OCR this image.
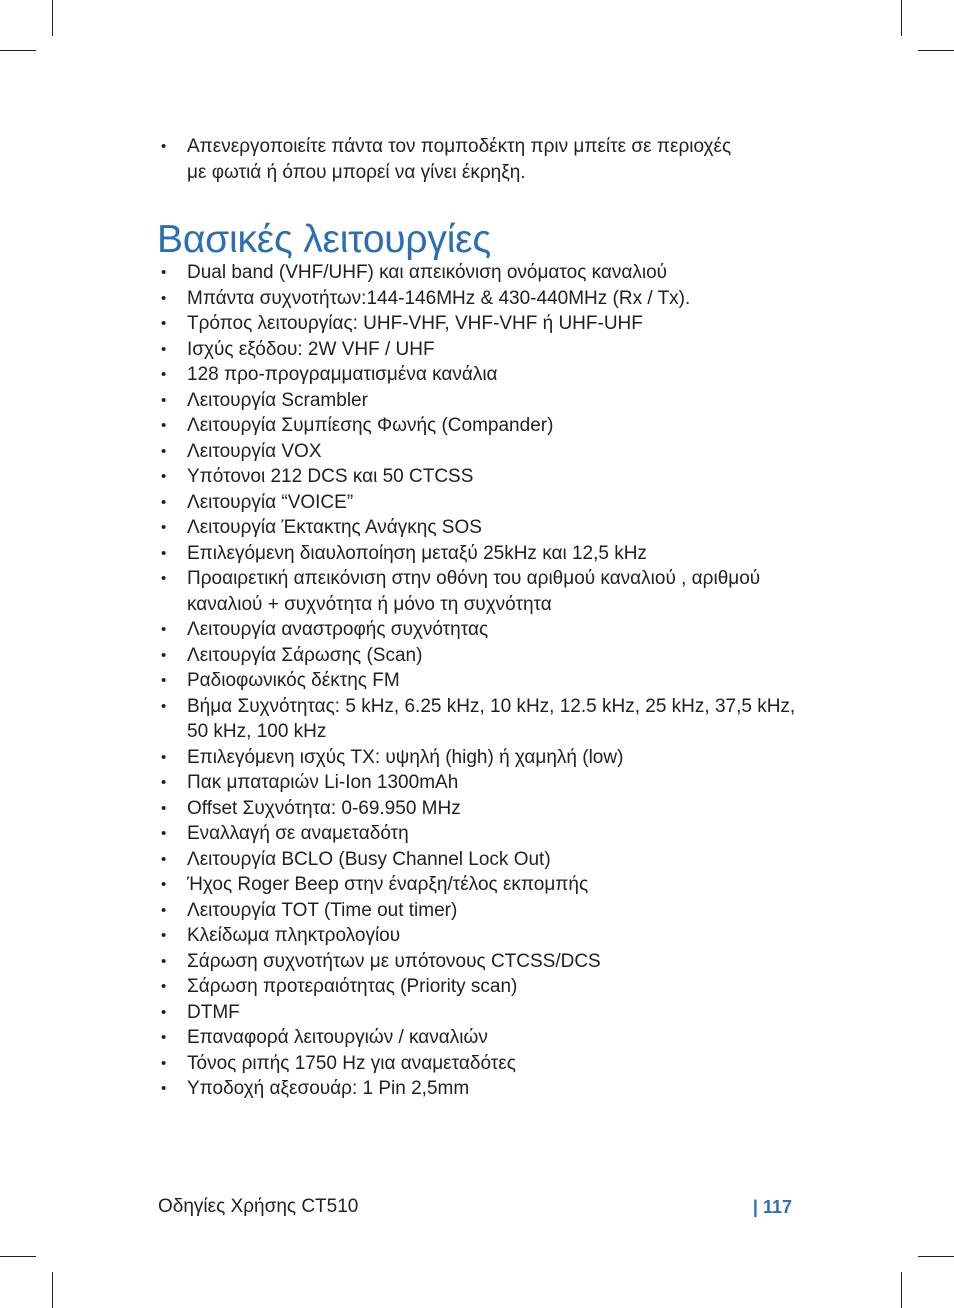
• Απενεργοποιείτε πάντα τον πομποδέκτη πριν μπείτε σε περιοχές
με φωτιά ή όπου μπορεί να γίνει έκρηξη.
Βασικές λειτουργίες
• Dual band (VHF/UHF) και απεικόνιση ονόματος καναλιού
• Μπάντα συχνοτήτων:144-146MHz & 430-440MHz (Rx / Tx).
• Τρόπος λειτουργίας: UHF-VHF, VHF-VHF ή UHF-UHF
• Ισχύς εξόδου: 2W VHF / UHF
• 128 προ-προγραμματισμένα κανάλια
• Λειτουργία Scrambler
• Λειτουργία Συμπίεσης Φωνής (Compander)
• Λειτουργία VOX
• Υπότονοι 212 DCS και 50 CTCSS
• Λειτουργία “VOICE”
• Λειτουργία Έκτακτης Ανάγκης SOS
• Επιλεγόμενη διαυλοποίηση μεταξύ 25kHz και 12,5 kHz
• Προαιρετική απεικόνιση στην οθόνη του αριθμού καναλιού , αριθμού
καναλιού + συχνότητα ή μόνο τη συχνότητα
• Λειτουργία αναστροφής συχνότητας
• Λειτουργία Σάρωσης (Scan)
• Ραδιοφωνικός δέκτης FM
• Βήμα Συχνότητας: 5 kHz, 6.25 kHz, 10 kHz, 12.5 kHz, 25 kHz, 37,5 kHz,
50 kHz, 100 kHz
• Επιλεγόμενη ισχύς TX: υψηλή (high) ή χαμηλή (low)
• Πακ μπαταριών Li-Ion 1300mAh
• Offset Συχνότητα: 0-69.950 MHz
• Εναλλαγή σε αναμεταδότη
• Λειτουργία BCLO (Busy Channel Lock Out)
• Ήχος Roger Beep στην έναρξη/τέλος εκπομπής
• Λειτουργία TOT (Time out timer)
• Κλείδωμα πληκτρολογίου
• Σάρωση συχνοτήτων με υπότονους CTCSS/DCS
• Σάρωση προτεραιότητας (Priority scan)
• DTMF
• Επαναφορά λειτουργιών / καναλιών
• Τόνος ριπής 1750 Hz για αναμεταδότες
• Υποδοχή αξεσουάρ: 1 Pin 2,5mm
Οδηγίες Χρήσης CT510	| 117
